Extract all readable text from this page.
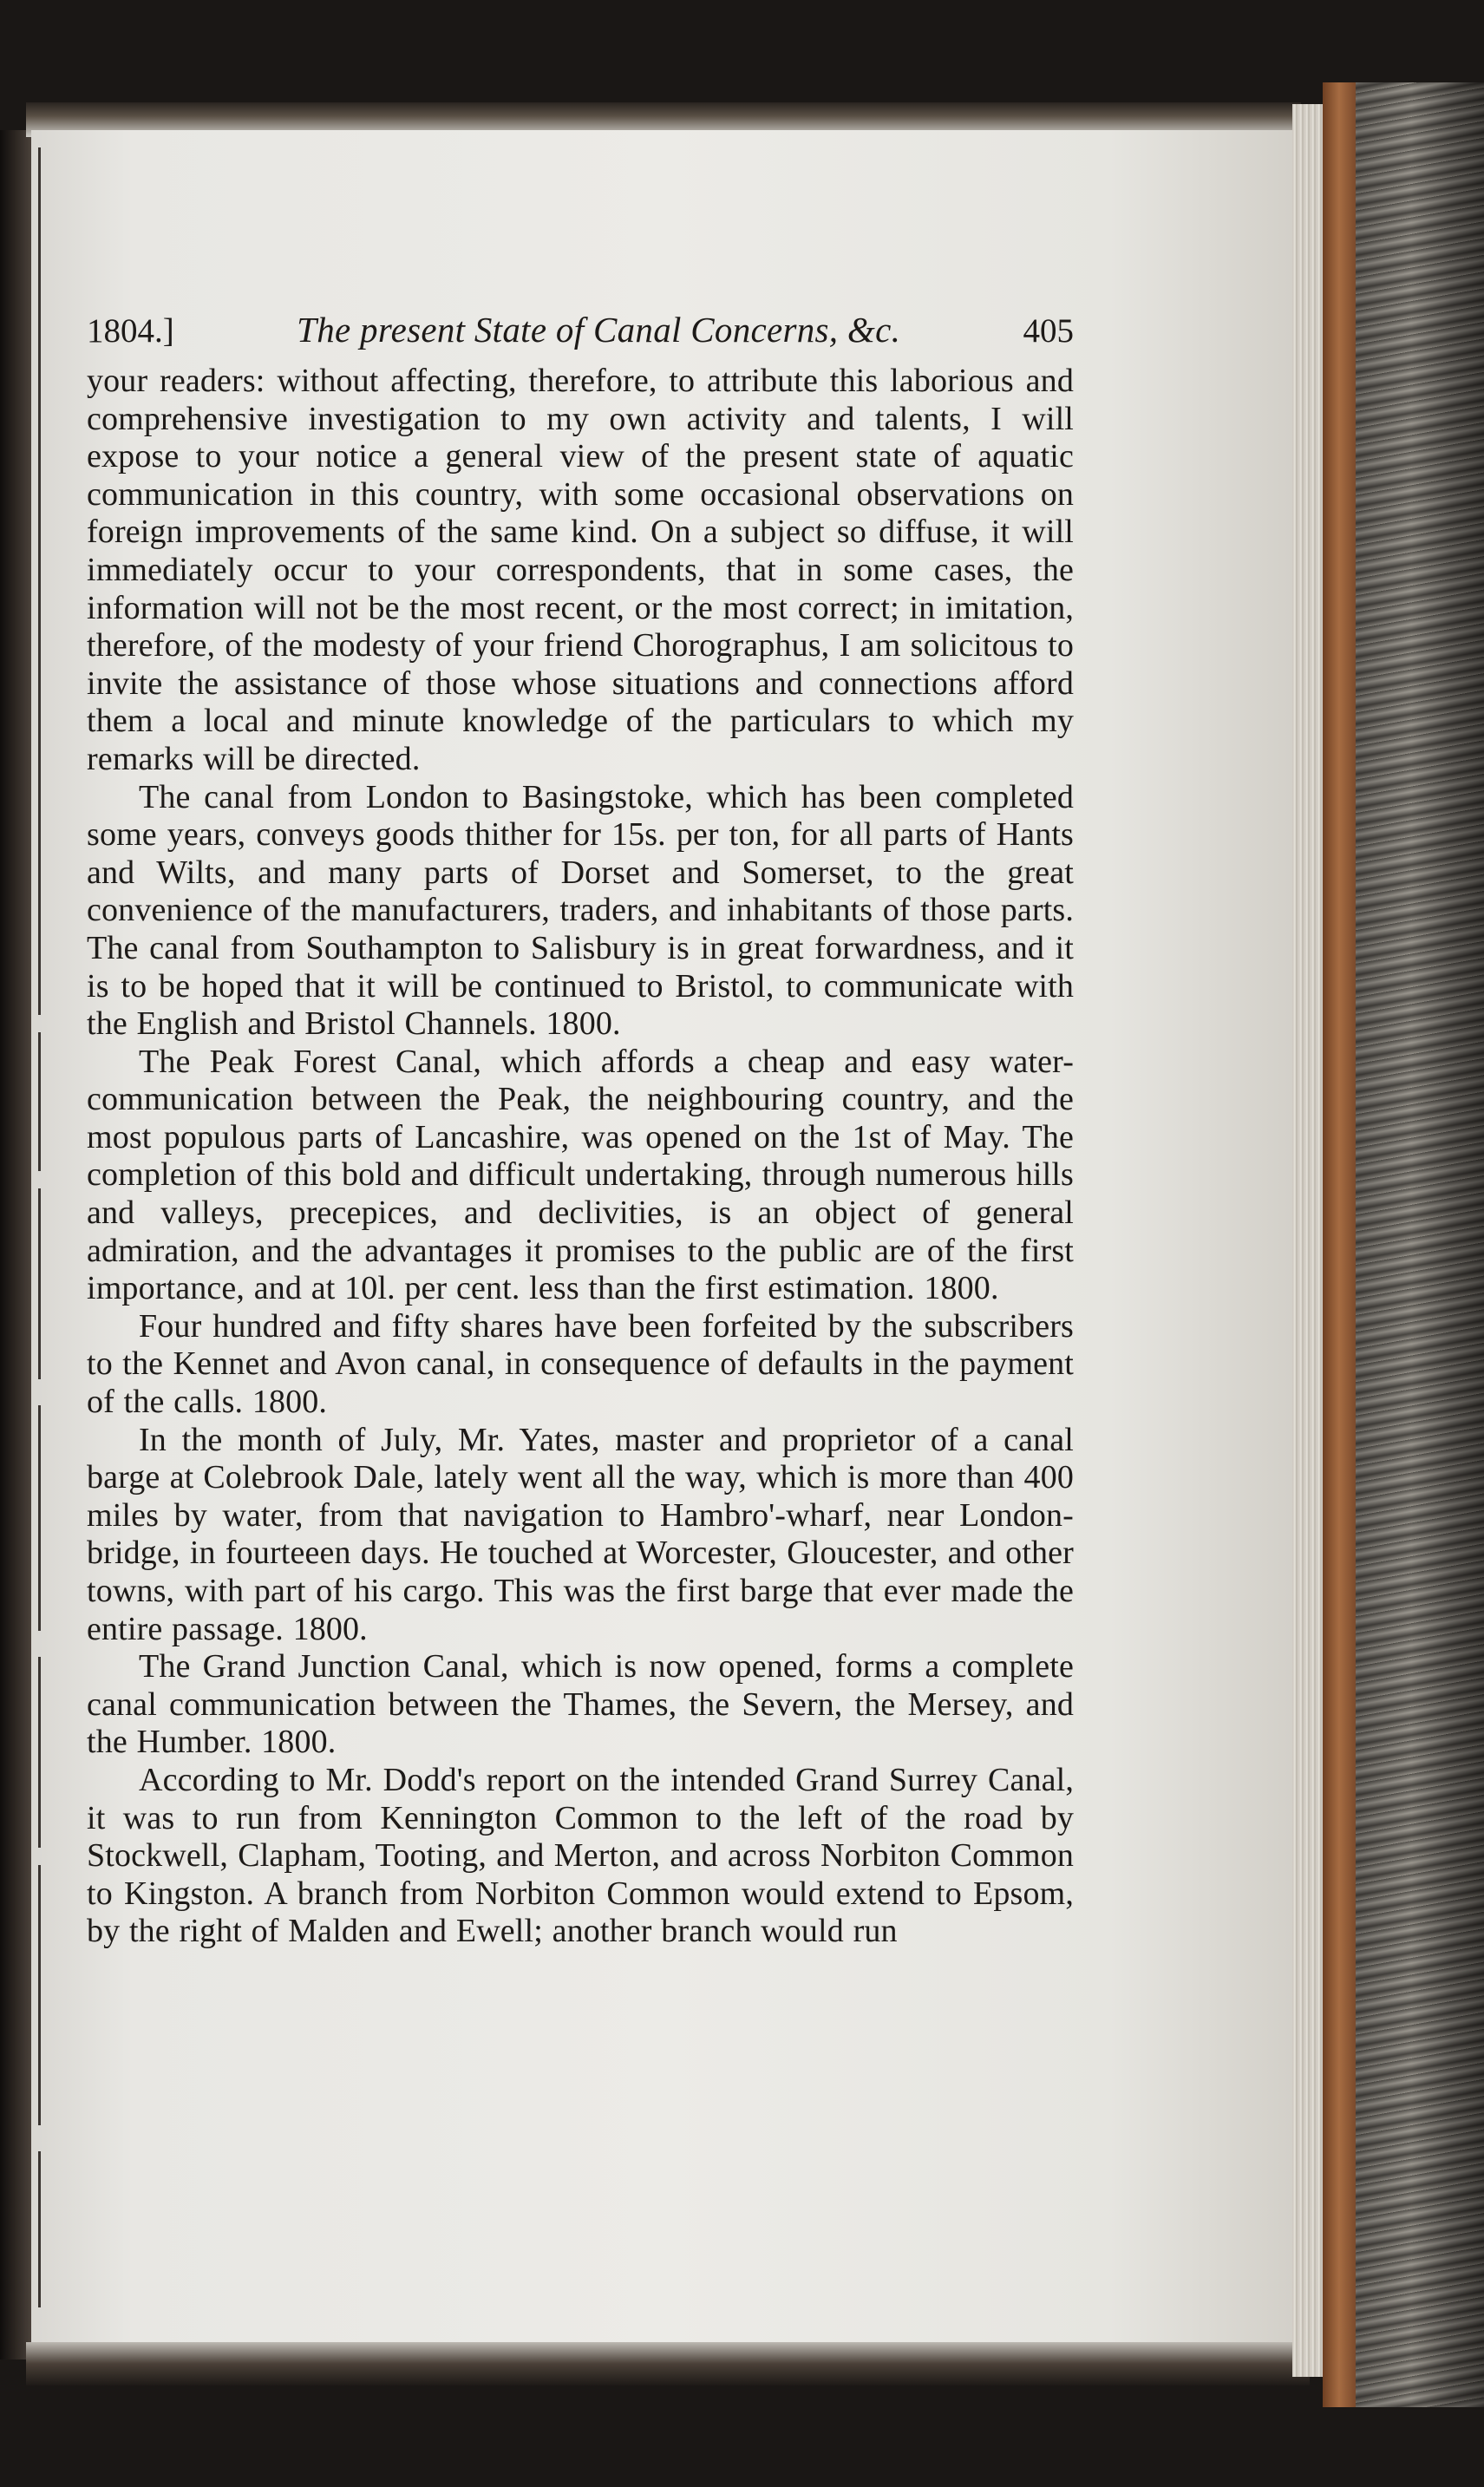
1804.]	The present State of Canal Concerns, &c.	405

your readers: without affecting, therefore, to attribute this laborious and comprehensive investigation to my own activity and talents, I will expose to your notice a general view of the present state of aquatic communication in this country, with some occasional observations on foreign improvements of the same kind. On a subject so diffuse, it will immediately occur to your correspondents, that in some cases, the information will not be the most recent, or the most correct; in imitation, therefore, of the modesty of your friend Chorographus, I am solicitous to invite the assistance of those whose situations and connections afford them a local and minute knowledge of the particulars to which my remarks will be directed.

The canal from London to Basingstoke, which has been completed some years, conveys goods thither for 15s. per ton, for all parts of Hants and Wilts, and many parts of Dorset and Somerset, to the great convenience of the manufacturers, traders, and inhabitants of those parts. The canal from Southampton to Salisbury is in great forwardness, and it is to be hoped that it will be continued to Bristol, to communicate with the English and Bristol Channels. 1800.

The Peak Forest Canal, which affords a cheap and easy water-communication between the Peak, the neighbouring country, and the most populous parts of Lancashire, was opened on the 1st of May. The completion of this bold and difficult undertaking, through numerous hills and valleys, precepices, and declivities, is an object of general admiration, and the advantages it promises to the public are of the first importance, and at 10l. per cent. less than the first estimation. 1800.

Four hundred and fifty shares have been forfeited by the subscribers to the Kennet and Avon canal, in consequence of defaults in the payment of the calls. 1800.

In the month of July, Mr. Yates, master and proprietor of a canal barge at Colebrook Dale, lately went all the way, which is more than 400 miles by water, from that navigation to Hambro'-wharf, near London-bridge, in fourteeen days. He touched at Worcester, Gloucester, and other towns, with part of his cargo. This was the first barge that ever made the entire passage. 1800.

The Grand Junction Canal, which is now opened, forms a complete canal communication between the Thames, the Severn, the Mersey, and the Humber. 1800.

According to Mr. Dodd's report on the intended Grand Surrey Canal, it was to run from Kennington Common to the left of the road by Stockwell, Clapham, Tooting, and Merton, and across Norbiton Common to Kingston. A branch from Norbiton Common would extend to Epsom, by the right of Malden and Ewell; another branch would run
